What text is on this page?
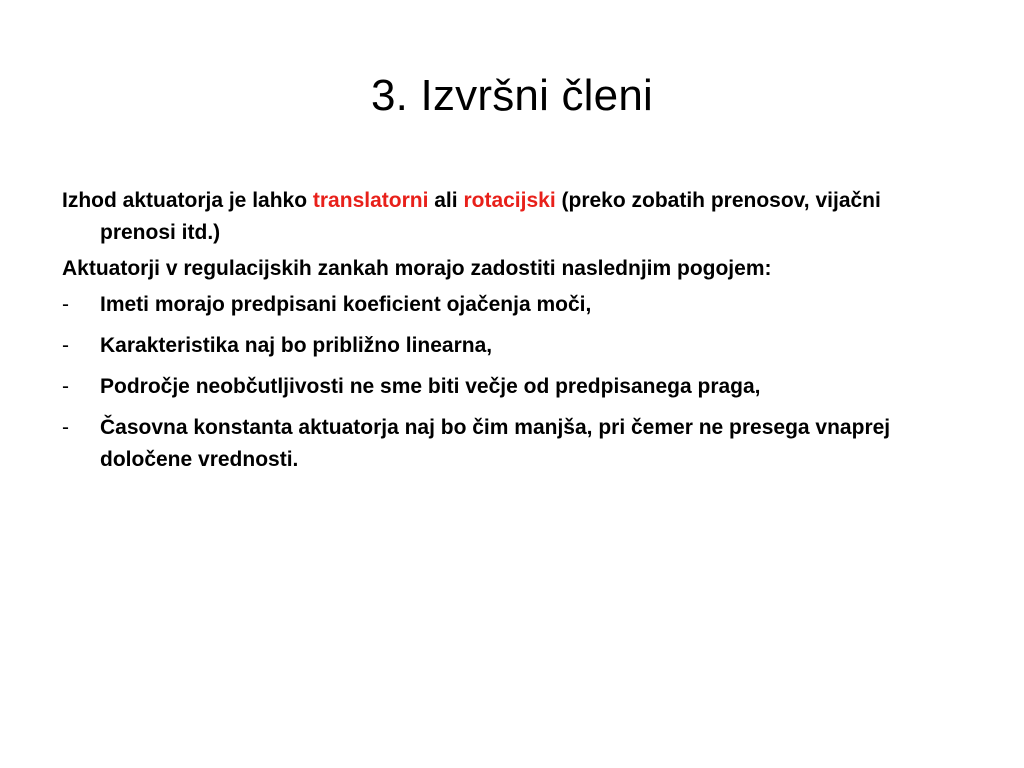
3. Izvršni členi

Izhod aktuatorja je lahko translatorni ali rotacijski (preko zobatih prenosov, vijačni prenosi itd.)

Aktuatorji v regulacijskih zankah morajo zadostiti naslednjim pogojem:

-	Imeti morajo predpisani koeficient ojačenja moči,
-	Karakteristika naj bo približno linearna,
-	Področje neobčutljivosti ne sme biti večje od predpisanega praga,
-	Časovna konstanta aktuatorja naj bo čim manjša, pri čemer ne presega vnaprej določene vrednosti.
